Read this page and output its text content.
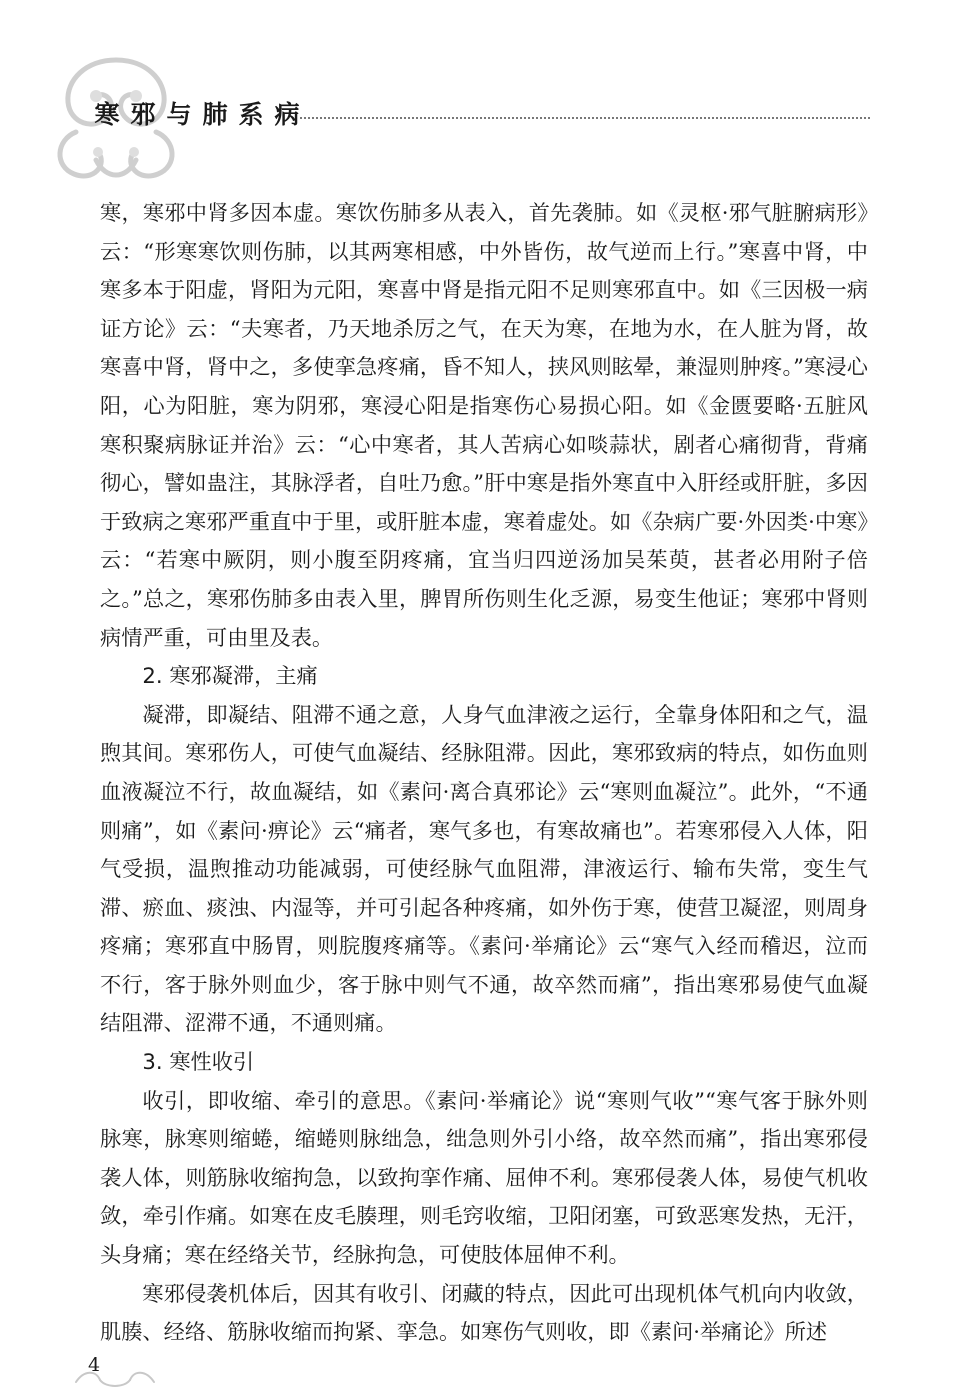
寒 邪 与 肺 系 病

寒，寒邪中肾多因本虚。寒饮伤肺多从表入，首先袭肺。如《灵枢·邪气脏腑病形》云：“形寒寒饮则伤肺，以其两寒相感，中外皆伤，故气逆而上行。”寒喜中肾，中寒多本于阳虚，肾阳为元阳，寒喜中肾是指元阳不足则寒邪直中。如《三因极一病证方论》云：“夫寒者，乃天地杀厉之气，在天为寒，在地为水，在人脏为肾，故寒喜中肾，肾中之，多使挛急疼痛，昏不知人，挟风则眩晕，兼湿则肿疼。”寒浸心阳，心为阳脏，寒为阴邪，寒浸心阳是指寒伤心易损心阳。如《金匮要略·五脏风寒积聚病脉证并治》云：“心中寒者，其人苦病心如啖蒜状，剧者心痛彻背，背痛彻心，譬如蛊注，其脉浮者，自吐乃愈。”肝中寒是指外寒直中入肝经或肝脏，多因于致病之寒邪严重直中于里，或肝脏本虚，寒着虚处。如《杂病广要·外因类·中寒》云：“若寒中厥阴，则小腹至阴疼痛，宜当归四逆汤加吴茱萸，甚者必用附子倍之。”总之，寒邪伤肺多由表入里，脾胃所伤则生化乏源，易变生他证；寒邪中肾则病情严重，可由里及表。

2. 寒邪凝滞，主痛

凝滞，即凝结、阻滞不通之意，人身气血津液之运行，全靠身体阳和之气，温煦其间。寒邪伤人，可使气血凝结、经脉阻滞。因此，寒邪致病的特点，如伤血则血液凝泣不行，故血凝结，如《素问·离合真邪论》云“寒则血凝泣”。此外，“不通则痛”，如《素问·痹论》云“痛者，寒气多也，有寒故痛也”。若寒邪侵入人体，阳气受损，温煦推动功能减弱，可使经脉气血阻滞，津液运行、输布失常，变生气滞、瘀血、痰浊、内湿等，并可引起各种疼痛，如外伤于寒，使营卫凝涩，则周身疼痛；寒邪直中肠胃，则脘腹疼痛等。《素问·举痛论》云“寒气入经而稽迟，泣而不行，客于脉外则血少，客于脉中则气不通，故卒然而痛”，指出寒邪易使气血凝结阻滞、涩滞不通，不通则痛。

3. 寒性收引

收引，即收缩、牵引的意思。《素问·举痛论》说“寒则气收”“寒气客于脉外则脉寒，脉寒则缩蜷，缩蜷则脉绌急，绌急则外引小络，故卒然而痛”，指出寒邪侵袭人体，则筋脉收缩拘急，以致拘挛作痛、屈伸不利。寒邪侵袭人体，易使气机收敛，牵引作痛。如寒在皮毛腠理，则毛窍收缩，卫阳闭塞，可致恶寒发热，无汗，头身痛；寒在经络关节，经脉拘急，可使肢体屈伸不利。

寒邪侵袭机体后，因其有收引、闭藏的特点，因此可出现机体气机向内收敛，肌腠、经络、筋脉收缩而拘紧、挛急。如寒伤气则收，即《素问·举痛论》所述

4
